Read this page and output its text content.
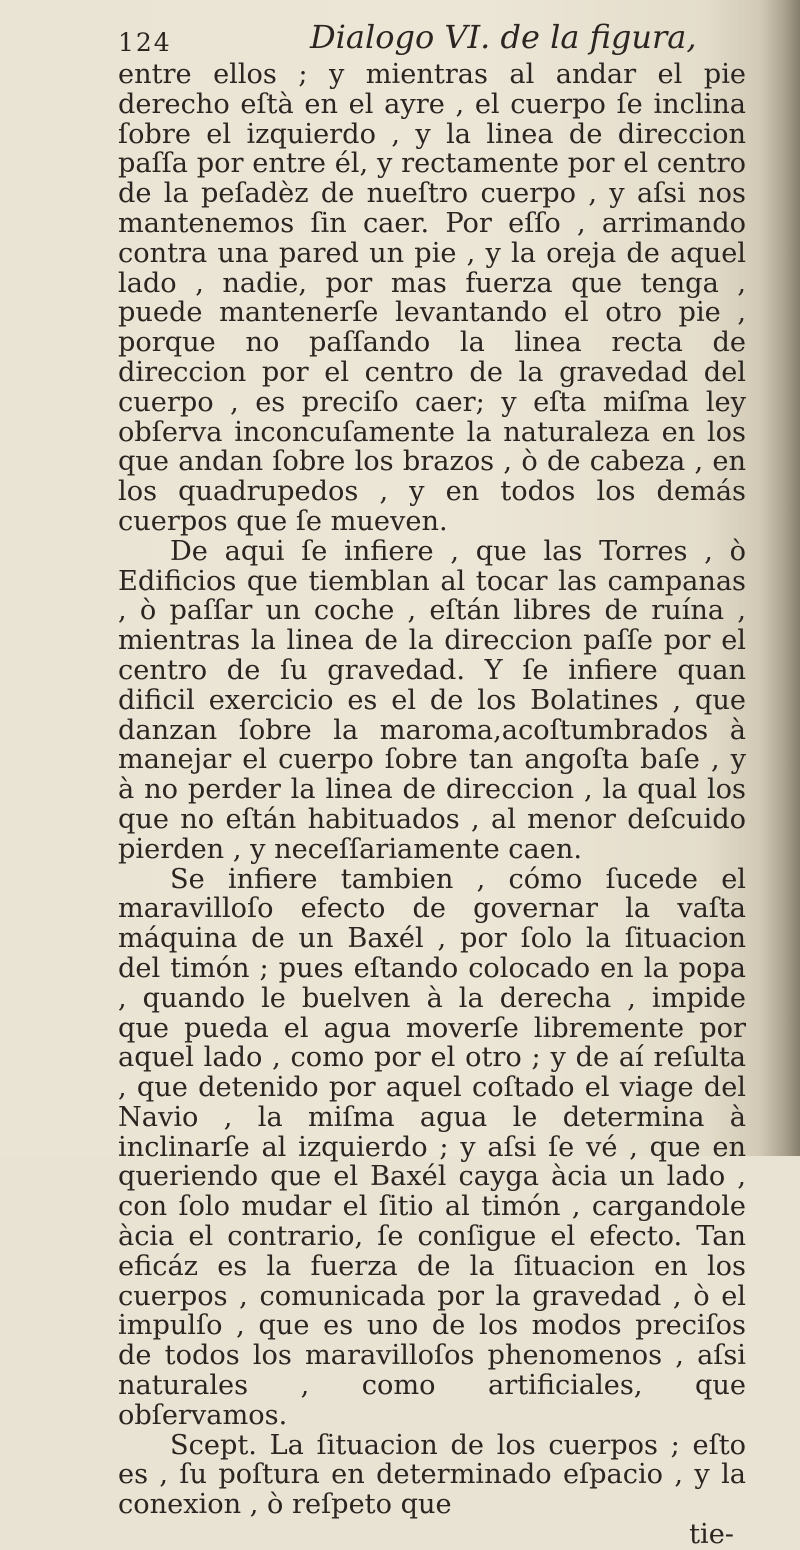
124	Dialogo VI. de la figura,

entre ellos ; y mientras al andar el pie derecho eſtà en el ayre , el cuerpo ſe inclina ſobre el izquierdo , y la linea de direccion paſſa por entre él, y rectamente por el centro de la peſadèz de nueſtro cuerpo , y aſsi nos mantenemos ſin caer. Por eſſo , arrimando contra una pared un pie , y la oreja de aquel lado , nadie, por mas fuerza que tenga , puede mantenerſe levantando el otro pie , porque no paſſando la linea recta de direccion por el centro de la gravedad del cuerpo , es preciſo caer; y eſta miſma ley obſerva inconcuſamente la naturaleza en los que andan ſobre los brazos , ò de cabeza , en los quadrupedos , y en todos los demás cuerpos que ſe mueven.

De aqui ſe infiere , que las Torres , ò Edificios que tiemblan al tocar las campanas , ò paſſar un coche , eſtán libres de ruína , mientras la linea de la direccion paſſe por el centro de ſu gravedad. Y ſe infiere quan dificil exercicio es el de los Bolatines , que danzan ſobre la maroma,acoſtumbrados à manejar el cuerpo ſobre tan angoſta baſe , y à no perder la linea de direccion , la qual los que no eſtán habituados , al menor deſcuido pierden , y neceſſariamente caen.

Se infiere tambien , cómo ſucede el maravilloſo efecto de governar la vaſta máquina de un Baxél , por ſolo la ſituacion del timón ; pues eſtando colocado en la popa , quando le buelven à la derecha , impide que pueda el agua moverſe libremente por aquel lado , como por el otro ; y de aí reſulta , que detenido por aquel coſtado el viage del Navio , la miſma agua le determina à inclinarſe al izquierdo ; y aſsi ſe vé , que en queriendo que el Baxél cayga àcia un lado , con ſolo mudar el ſitio al timón , cargandole àcia el contrario, ſe conſigue el efecto. Tan eficáz es la fuerza de la ſituacion en los cuerpos , comunicada por la gravedad , ò el impulſo , que es uno de los modos preciſos de todos los maravilloſos phenomenos , aſsi naturales , como artificiales, que obſervamos.

Scept. La ſituacion de los cuerpos ; eſto es , ſu poſtura en determinado eſpacio , y la conexion , ò reſpeto que

tie-
